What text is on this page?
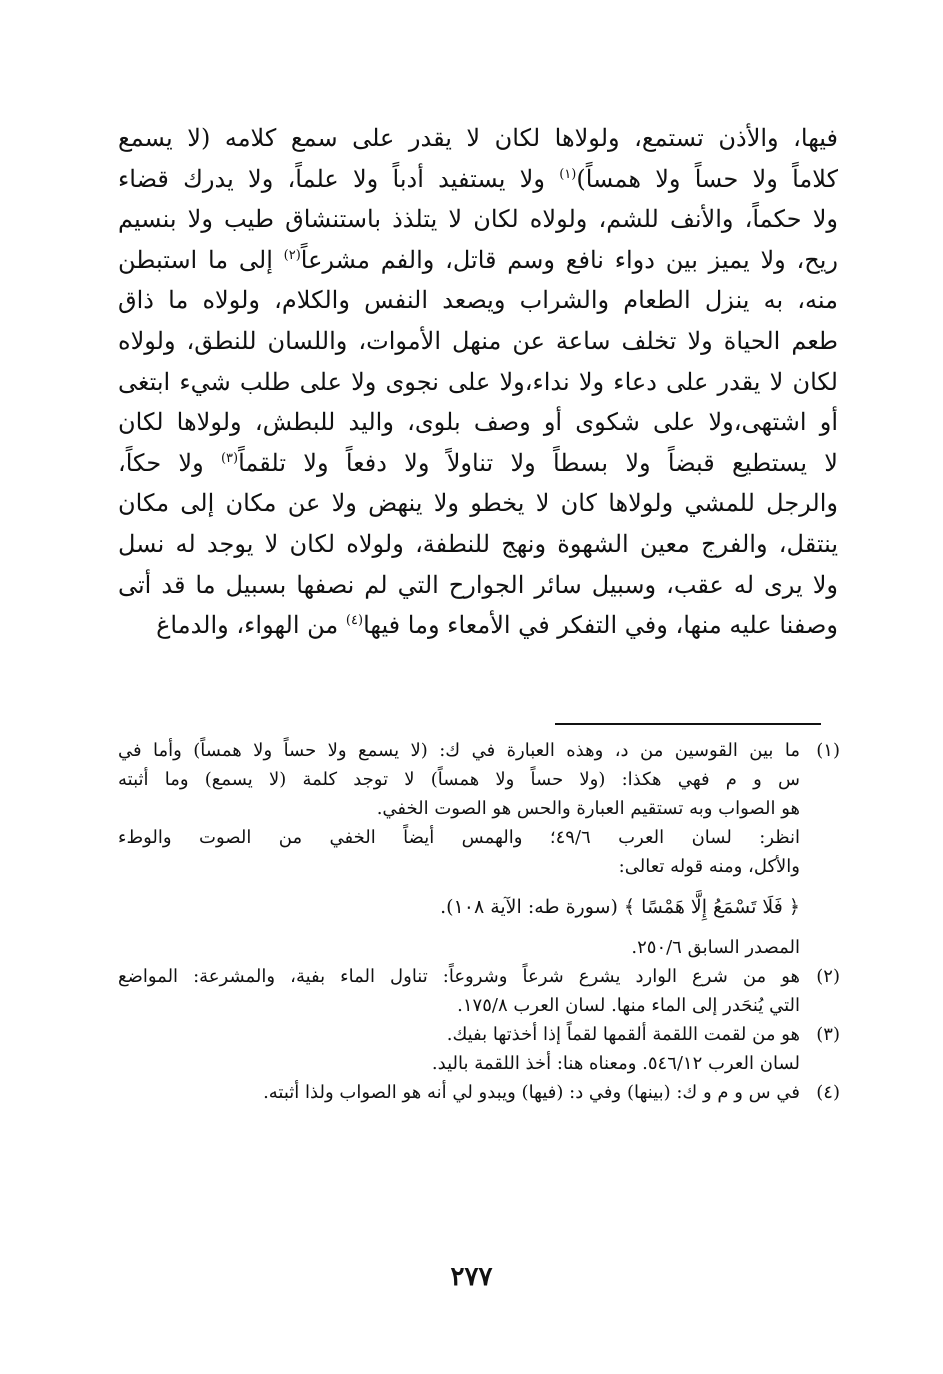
فيها، والأذن تستمع، ولولاها لكان لا يقدر على سمع كلامه (لا يسمع
كلاماً ولا حساً ولا همساً)$^{(١)}$ ولا يستفيد أدباً ولا علماً، ولا يدرك قضاء
ولا حكماً، والأنف للشم، ولولاه لكان لا يتلذذ باستنشاق طيب ولا بنسيم
ريح، ولا يميز بين دواء نافع وسم قاتل، والفم مشرعاً$^{(٢)}$ إلى ما استبطن
منه، به ينزل الطعام والشراب ويصعد النفس والكلام، ولولاه ما ذاق
طعم الحياة ولا تخلف ساعة عن منهل الأموات، واللسان للنطق، ولولاه
لكان لا يقدر على دعاء ولا نداء،ولا على نجوى ولا على طلب شيء ابتغى
أو اشتهى،ولا على شكوى أو وصف بلوى، واليد للبطش، ولولاها لكان
لا يستطيع قبضاً ولا بسطاً ولا تناولاً ولا دفعاً ولا تلقماً$^{(٣)}$ ولا حكاً،
والرجل للمشي ولولاها كان لا يخطو ولا ينهض ولا عن مكان إلى مكان
ينتقل، والفرج معين الشهوة ونهج للنطفة، ولولاه لكان لا يوجد له نسل
ولا يرى له عقب، وسبيل سائر الجوارح التي لم نصفها بسبيل ما قد أتى
وصفنا عليه منها، وفي التفكر في الأمعاء وما فيها$^{(٤)}$ من الهواء، والدماغ
(١)
ما بين القوسين من د، وهذه العبارة في ك: (لا يسمع ولا حساً ولا همساً) وأما في
س و م فهي هكذا: (ولا حساً ولا همساً) لا توجد كلمة (لا يسمع) وما أثبته
هو الصواب وبه تستقيم العبارة والحس هو الصوت الخفي.
انظر: لسان العرب ٤٩/٦؛ والهمس أيضاً الخفي من الصوت والوطء
والأكل، ومنه قوله تعالى:
﴿ فَلَا تَسْمَعُ إِلَّا هَمْسًا ﴾ (سورة طه: الآية ١٠٨).
المصدر السابق ٢٥٠/٦.
(٢)
هو من شرع الوارد يشرع شرعاً وشروعاً: تناول الماء بفية، والمشرعة: المواضع
التي يُنحَدر إلى الماء منها. لسان العرب ١٧٥/٨.
(٣)
هو من لقمت اللقمة ألقمها لقماً إذا أخذتها بفيك.
لسان العرب ٥٤٦/١٢. ومعناه هنا: أخذ اللقمة باليد.
(٤)
في س و م و ك: (بينها) وفي د: (فيها) ويبدو لي أنه هو الصواب ولذا أثبته.
٢٧٧
